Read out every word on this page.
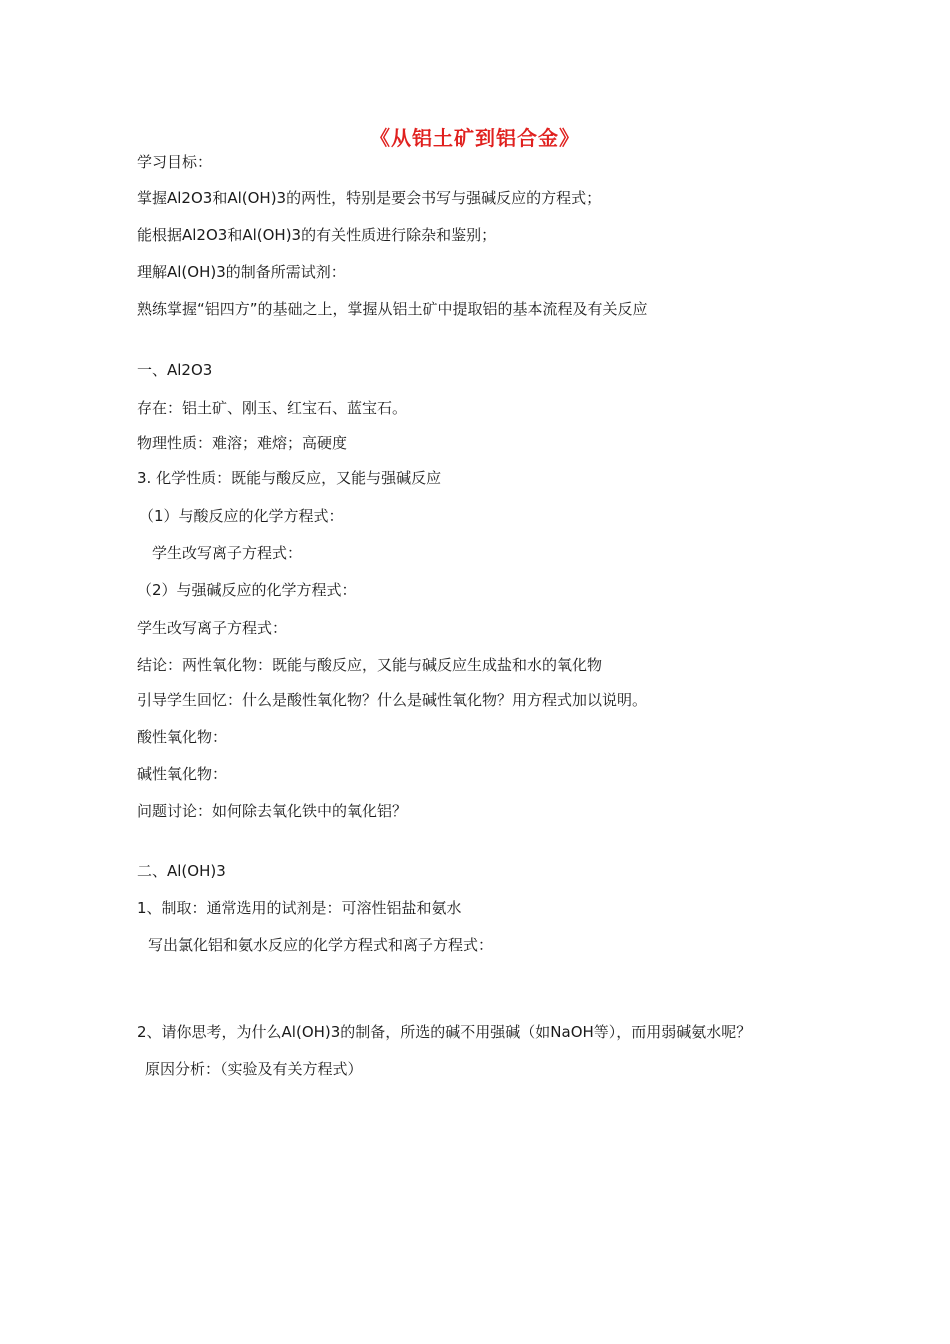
《从铝土矿到铝合金》
学习目标：
掌握Al2O3和Al(OH)3的两性，特别是要会书写与强碱反应的方程式；
能根据Al2O3和Al(OH)3的有关性质进行除杂和鉴别；
理解Al(OH)3的制备所需试剂：
熟练掌握“铝四方”的基础之上，掌握从铝土矿中提取铝的基本流程及有关反应
一、Al2O3
存在：铝土矿、刚玉、红宝石、蓝宝石。
物理性质：难溶；难熔；高硬度
3. 化学性质：既能与酸反应，又能与强碱反应
（1）与酸反应的化学方程式：
学生改写离子方程式：
（2）与强碱反应的化学方程式：
学生改写离子方程式：
结论：两性氧化物：既能与酸反应，又能与碱反应生成盐和水的氧化物
引导学生回忆：什么是酸性氧化物？什么是碱性氧化物？用方程式加以说明。
酸性氧化物：
碱性氧化物：
问题讨论：如何除去氧化铁中的氧化铝？
二、Al(OH)3
1、制取：通常选用的试剂是：可溶性铝盐和氨水
写出氯化铝和氨水反应的化学方程式和离子方程式：
2、请你思考，为什么Al(OH)3的制备，所选的碱不用强碱（如NaOH等），而用弱碱氨水呢？
原因分析：（实验及有关方程式）
